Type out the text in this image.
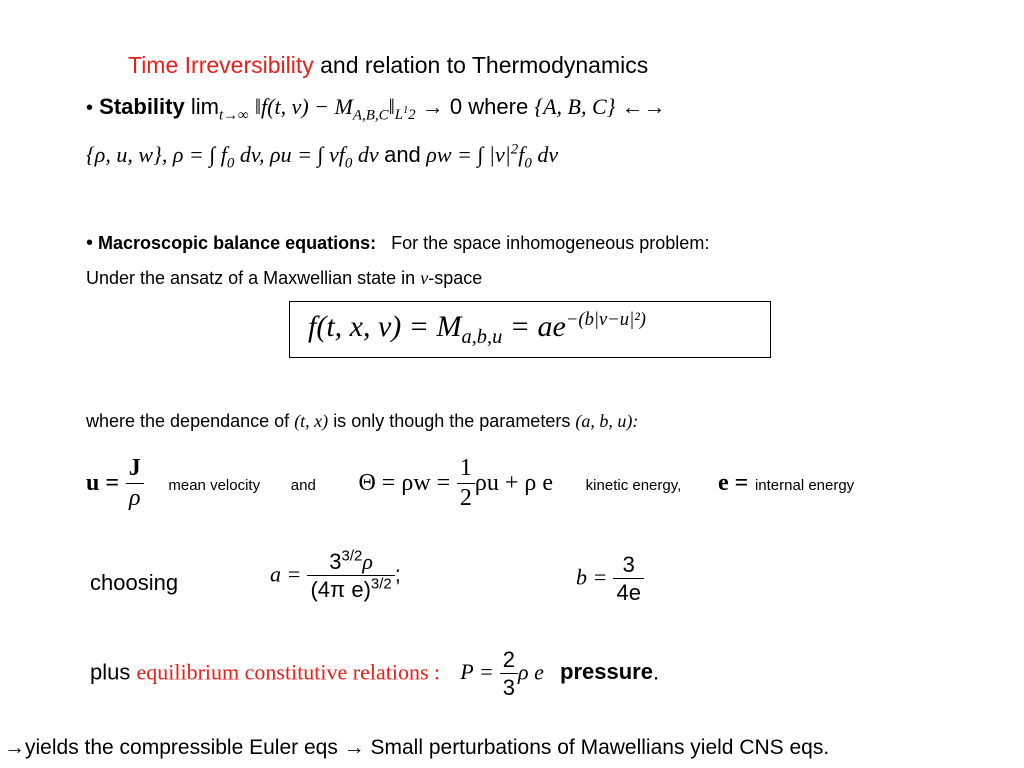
Time Irreversibility and relation to Thermodynamics
• Stability $\lim_{t\to\infty}$ ‖f(t, $v) - M_{A,B,C}‖_{L^12} \to 0$ where {A, B, C} ←→
{ρ, u, w}, ρ = ∫ $f_0$ dv, ρu = ∫ $vf_0$ dv and ρw = ∫ $|v|^2f_0$ dv
• Macroscopic balance equations: For the space inhomogeneous problem:
Under the ansatz of a Maxwellian state in v-space
f(t, x, $v) = M_{a,b,u} = ae^{-(b|v-u|^2)}$
where the dependance of (t, x) is only though the parameters (a, b, u):
$u = \frac{J}{\rho}$ mean velocity and $\Theta = \rho w = \frac{1}{2}$ ρu + ρ e kinetic energy, e = internal energy
choosing	$a = \frac{3^{3/2}\rho}{(4\pi e)^{3/2}}$ ;	$b = \frac{3}{4e}$
plus equilibrium constitutive relations : $P = \frac{2}{3}$ ρ e pressure.
→yields the compressible Euler eqs → Small perturbations of Mawellians yield CNS eqs.
